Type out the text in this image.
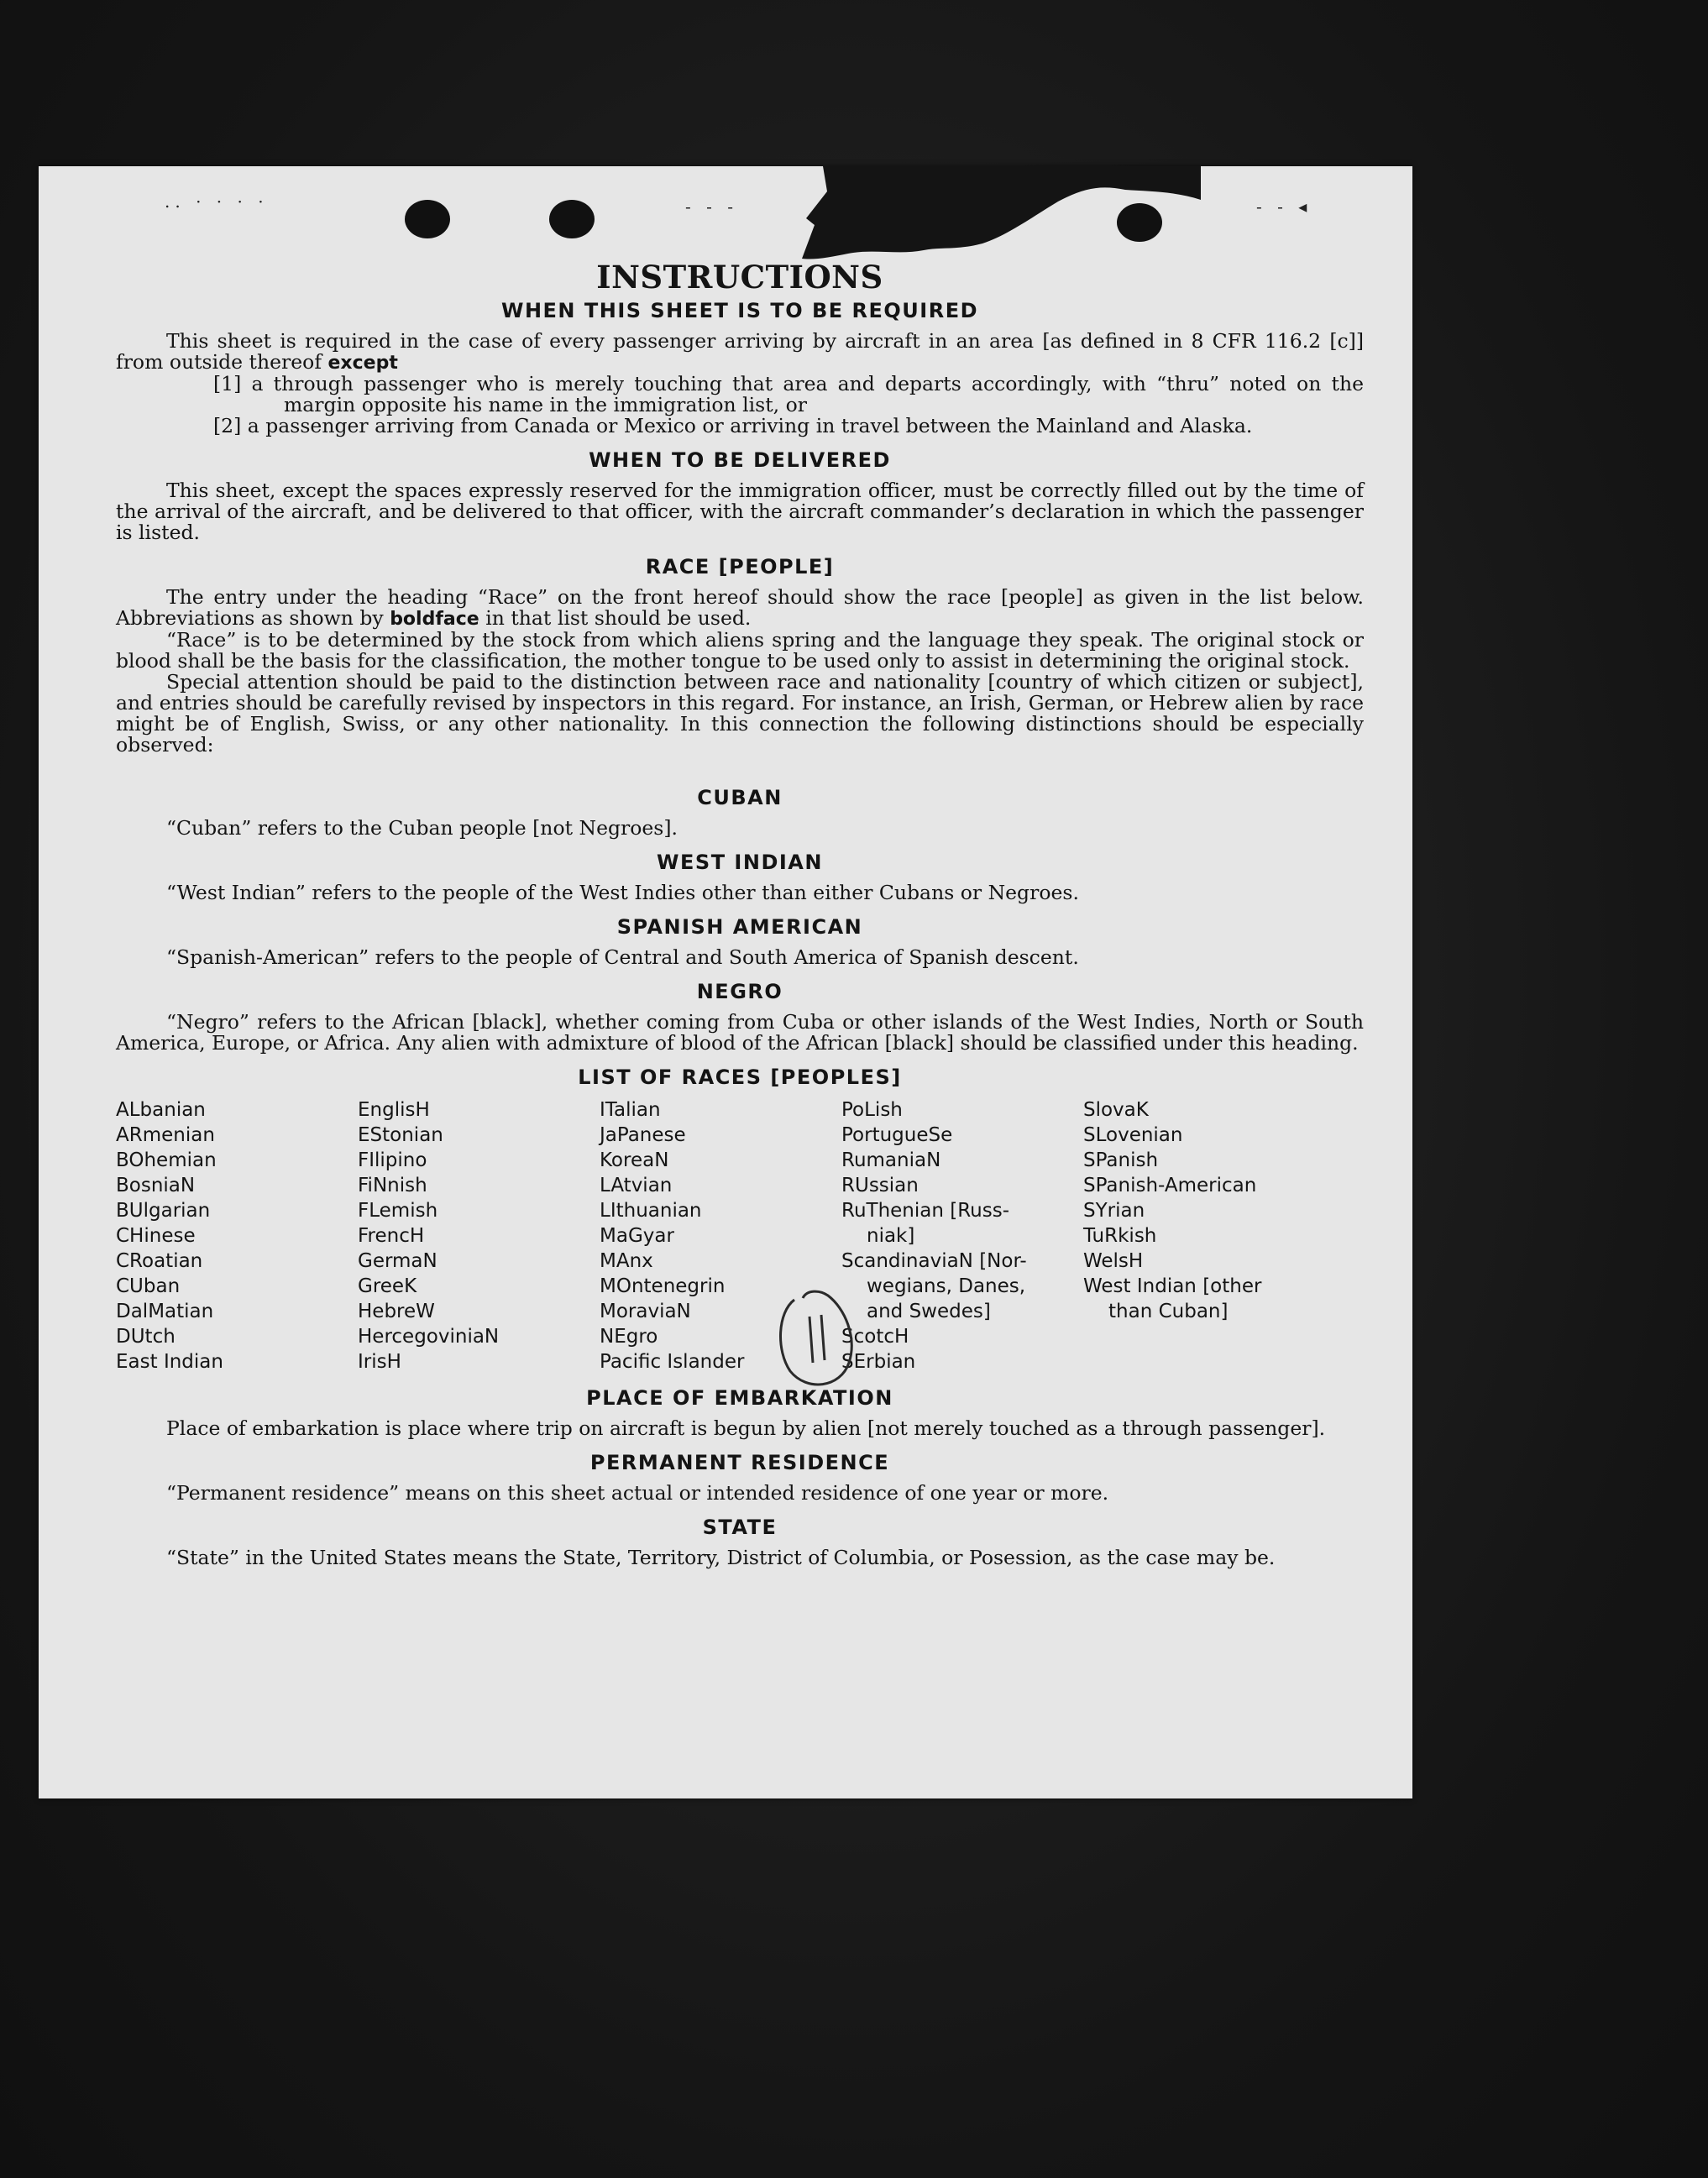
.. · · · ·	- - -	- - ◂
INSTRUCTIONS
WHEN THIS SHEET IS TO BE REQUIRED

This sheet is required in the case of every passenger arriving by aircraft in an area [as defined in 8 CFR 116.2 [c]] from outside thereof except

[1] a through passenger who is merely touching that area and departs accordingly, with “thru” noted on the margin opposite his name in the immigration list, or
[2] a passenger arriving from Canada or Mexico or arriving in travel between the Mainland and Alaska.
WHEN TO BE DELIVERED

This sheet, except the spaces expressly reserved for the immigration officer, must be correctly filled out by the time of the arrival of the aircraft, and be delivered to that officer, with the aircraft commander’s declaration in which the passenger is listed.

RACE [PEOPLE]

The entry under the heading “Race” on the front hereof should show the race [people] as given in the list below. Abbreviations as shown by boldface in that list should be used.

“Race” is to be determined by the stock from which aliens spring and the language they speak. The original stock or blood shall be the basis for the classification, the mother tongue to be used only to assist in determining the original stock.

Special attention should be paid to the distinction between race and nationality [country of which citizen or subject], and entries should be carefully revised by inspectors in this regard. For instance, an Irish, German, or Hebrew alien by race might be of English, Swiss, or any other nationality. In this connection the following distinctions should be especially observed:

CUBAN

“Cuban” refers to the Cuban people [not Negroes].

WEST INDIAN

“West Indian” refers to the people of the West Indies other than either Cubans or Negroes.

SPANISH AMERICAN

“Spanish-American” refers to the people of Central and South America of Spanish descent.

NEGRO

“Negro” refers to the African [black], whether coming from Cuba or other islands of the West Indies, North or South America, Europe, or Africa. Any alien with admixture of blood of the African [black] should be classified under this heading.

LIST OF RACES [PEOPLES]
ALbanian
ARmenian
BOhemian
BosniaN
BUlgarian
CHinese
CRoatian
CUban
DalMatian
DUtch
East Indian
EnglisH
EStonian
FIlipino
FiNnish
FLemish
FrencH
GermaN
GreeK
HebreW
HercegoviniaN
IrisH
ITalian
JaPanese
KoreaN
LAtvian
LIthuanian
MaGyar
MAnx
MOntenegrin
MoraviaN
NEgro
Pacific Islander
PoLish
PortugueSe
RumaniaN
RUssian
RuThenian [Russ-
niak]
ScandinaviaN [Nor-
wegians, Danes,
and Swedes]
ScotcH
SErbian
SlovaK
SLovenian
SPanish
SPanish-American
SYrian
TuRkish
WelsH
West Indian [other
than Cuban]
PLACE OF EMBARKATION

Place of embarkation is place where trip on aircraft is begun by alien [not merely touched as a through passenger].

PERMANENT RESIDENCE

“Permanent residence” means on this sheet actual or intended residence of one year or more.

STATE

“State” in the United States means the State, Territory, District of Columbia, or Posession, as the case may be.
